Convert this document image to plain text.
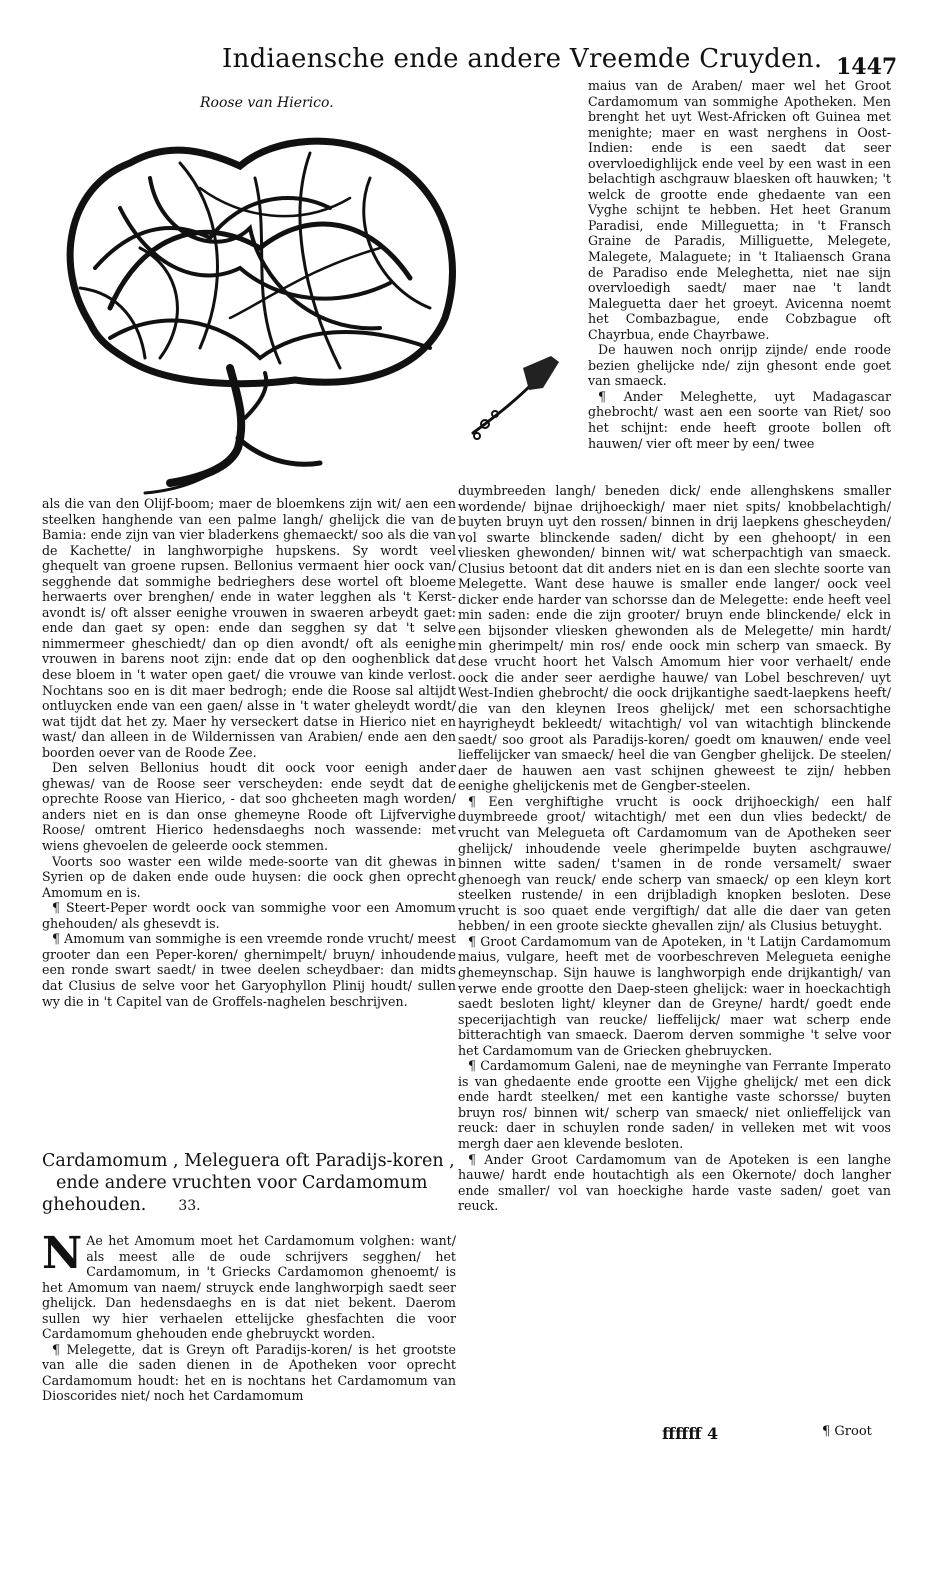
Indiaensche ende andere Vreemde Cruyden. 1447
Roose van Hierico.

maius van de Araben/ maer wel het Groot Cardamomum van sommighe Apotheken. Men brenght het uyt West-Africken oft Guinea met menighte; maer en wast nerghens in Oost-Indien: ende is een saedt dat seer overvloedighlijck ende veel by een wast in een belachtigh aschgrauw blaesken oft hauwken; 't welck de grootte ende ghedaente van een Vyghe schijnt te hebben. Het heet Granum Paradisi, ende Milleguetta; in 't Fransch Graine de Paradis, Milliguette, Melegete, Malegete, Malaguete; in 't Italiaensch Grana de Paradiso ende Meleghetta, niet nae sijn overvloedigh saedt/ maer nae 't landt Maleguetta daer het groeyt. Avicenna noemt het Combazbague, ende Cobzbague oft Chayrbua, ende Chayrbawe.

De hauwen noch onrijp zijnde/ ende roode bezien ghelijcke nde/ zijn ghesont ende goet van smaeck.

¶ Ander Meleghette, uyt Madagascar ghebrocht/ wast aen een soorte van Riet/ soo het schijnt: ende heeft groote bollen oft hauwen/ vier oft meer by een/ twee

als die van den Olijf-boom; maer de bloemkens zijn wit/ aen een steelken hanghende van een palme langh/ ghelijck die van de Bamia: ende zijn van vier bladerkens ghemaeckt/ soo als die van de Kachette/ in langhworpighe hupskens. Sy wordt veel ghequelt van groene rupsen. Bellonius vermaent hier oock van/ segghende dat sommighe bedrieghers dese wortel oft bloeme herwaerts over brenghen/ ende in water legghen als 't Kerst-avondt is/ oft alsser eenighe vrouwen in swaeren arbeydt gaet: ende dan gaet sy open: ende dan segghen sy dat 't selve nimmermeer gheschiedt/ dan op dien avondt/ oft als eenighe vrouwen in barens noot zijn: ende dat op den ooghenblick dat dese bloem in 't water open gaet/ die vrouwe van kinde verlost. Nochtans soo en is dit maer bedrogh; ende die Roose sal altijdt ontluycken ende van een gaen/ alsse in 't water gheleydt wordt/ wat tijdt dat het zy. Maer hy verseckert datse in Hierico niet en wast/ dan alleen in de Wildernissen van Arabien/ ende aen den boorden oever van de Roode Zee.

Den selven Bellonius houdt dit oock voor eenigh ander ghewas/ van de Roose seer verscheyden: ende seydt dat de oprechte Roose van Hierico, - dat soo ghcheeten magh worden/ anders niet en is dan onse ghemeyne Roode oft Lijfvervighe Roose/ omtrent Hierico hedensdaeghs noch wassende: met wiens ghevoelen de geleerde oock stemmen.

Voorts soo waster een wilde mede-soorte van dit ghewas in Syrien op de daken ende oude huysen: die oock ghen oprecht Amomum en is.

¶ Steert-Peper wordt oock van sommighe voor een Amomum ghehouden/ als ghesevdt is.

¶ Amomum van sommighe is een vreemde ronde vrucht/ meest grooter dan een Peper-koren/ ghernimpelt/ bruyn/ inhoudende een ronde swart saedt/ in twee deelen scheydbaer: dan midts dat Clusius de selve voor het Garyophyllon Plinij houdt/ sullen wy die in 't Capitel van de Groffels-naghelen beschrijven.

Cardamomum , Meleguera oft Paradijs-koren ,
ende andere vruchten voor Cardamomum
ghehouden. 33.
N Ae het Amomum moet het Cardamomum volghen: want/ als meest alle de oude schrijvers segghen/ het Cardamomum, in 't Griecks Cardamomon ghenoemt/ is het Amomum van naem/ struyck ende langhworpigh saedt seer ghelijck. Dan hedensdaeghs en is dat niet bekent. Daerom sullen wy hier verhaelen ettelijcke ghesfachten die voor Cardamomum ghehouden ende ghebruyckt worden.

¶ Melegette, dat is Greyn oft Paradijs-koren/ is het grootste van alle die saden dienen in de Apotheken voor oprecht Cardamomum houdt: het en is nochtans het Cardamomum van Dioscorides niet/ noch het Cardamomum

duymbreeden langh/ beneden dick/ ende allenghskens smaller wordende/ bijnae drijhoeckigh/ maer niet spits/ knobbelachtigh/ buyten bruyn uyt den rossen/ binnen in drij laepkens ghescheyden/ vol swarte blinckende saden/ dicht by een ghehoopt/ in een vliesken ghewonden/ binnen wit/ wat scherpachtigh van smaeck. Clusius betoont dat dit anders niet en is dan een slechte soorte van Melegette. Want dese hauwe is smaller ende langer/ oock veel dicker ende harder van schorsse dan de Melegette: ende heeft veel min saden: ende die zijn grooter/ bruyn ende blinckende/ elck in een bijsonder vliesken ghewonden als de Melegette/ min hardt/ min gherimpelt/ min ros/ ende oock min scherp van smaeck. By dese vrucht hoort het Valsch Amomum hier voor verhaelt/ ende oock die ander seer aerdighe hauwe/ van Lobel beschreven/ uyt West-Indien ghebrocht/ die oock drijkantighe saedt-laepkens heeft/ die van den kleynen Ireos ghelijck/ met een schorsachtighe hayrigheydt bekleedt/ witachtigh/ vol van witachtigh blinckende saedt/ soo groot als Paradijs-koren/ goedt om knauwen/ ende veel lieffelijcker van smaeck/ heel die van Gengber ghelijck. De steelen/ daer de hauwen aen vast schijnen gheweest te zijn/ hebben eenighe ghelijckenis met de Gengber-steelen.

¶ Een verghiftighe vrucht is oock drijhoeckigh/ een half duymbreede groot/ witachtigh/ met een dun vlies bedeckt/ de vrucht van Melegueta oft Cardamomum van de Apotheken seer ghelijck/ inhoudende veele gherimpelde buyten aschgrauwe/ binnen witte saden/ t'samen in de ronde versamelt/ swaer ghenoegh van reuck/ ende scherp van smaeck/ op een kleyn kort steelken rustende/ in een drijbladigh knopken besloten. Dese vrucht is soo quaet ende vergiftigh/ dat alle die daer van geten hebben/ in een groote sieckte ghevallen zijn/ als Clusius betuyght.

¶ Groot Cardamomum van de Apoteken, in 't Latijn Cardamomum maius, vulgare, heeft met de voorbeschreven Melegueta eenighe ghemeynschap. Sijn hauwe is langhworpigh ende drijkantigh/ van verwe ende grootte den Daep-steen ghelijck: waer in hoeckachtigh saedt besloten light/ kleyner dan de Greyne/ hardt/ goedt ende specerijachtigh van reucke/ lieffelijck/ maer wat scherp ende bitterachtigh van smaeck. Daerom derven sommighe 't selve voor het Cardamomum van de Griecken ghebruycken.

¶ Cardamomum Galeni, nae de meyninghe van Ferrante Imperato is van ghedaente ende grootte een Vijghe ghelijck/ met een dick ende hardt steelken/ met een kantighe vaste schorsse/ buyten bruyn ros/ binnen wit/ scherp van smaeck/ niet onlieffelijck van reuck: daer in schuylen ronde saden/ in velleken met wit voos mergh daer aen klevende besloten.

¶ Ander Groot Cardamomum van de Apoteken is een langhe hauwe/ hardt ende houtachtigh als een Okernote/ doch langher ende smaller/ vol van hoeckighe harde vaste saden/ goet van reuck.

ffffff 4	¶ Groot
